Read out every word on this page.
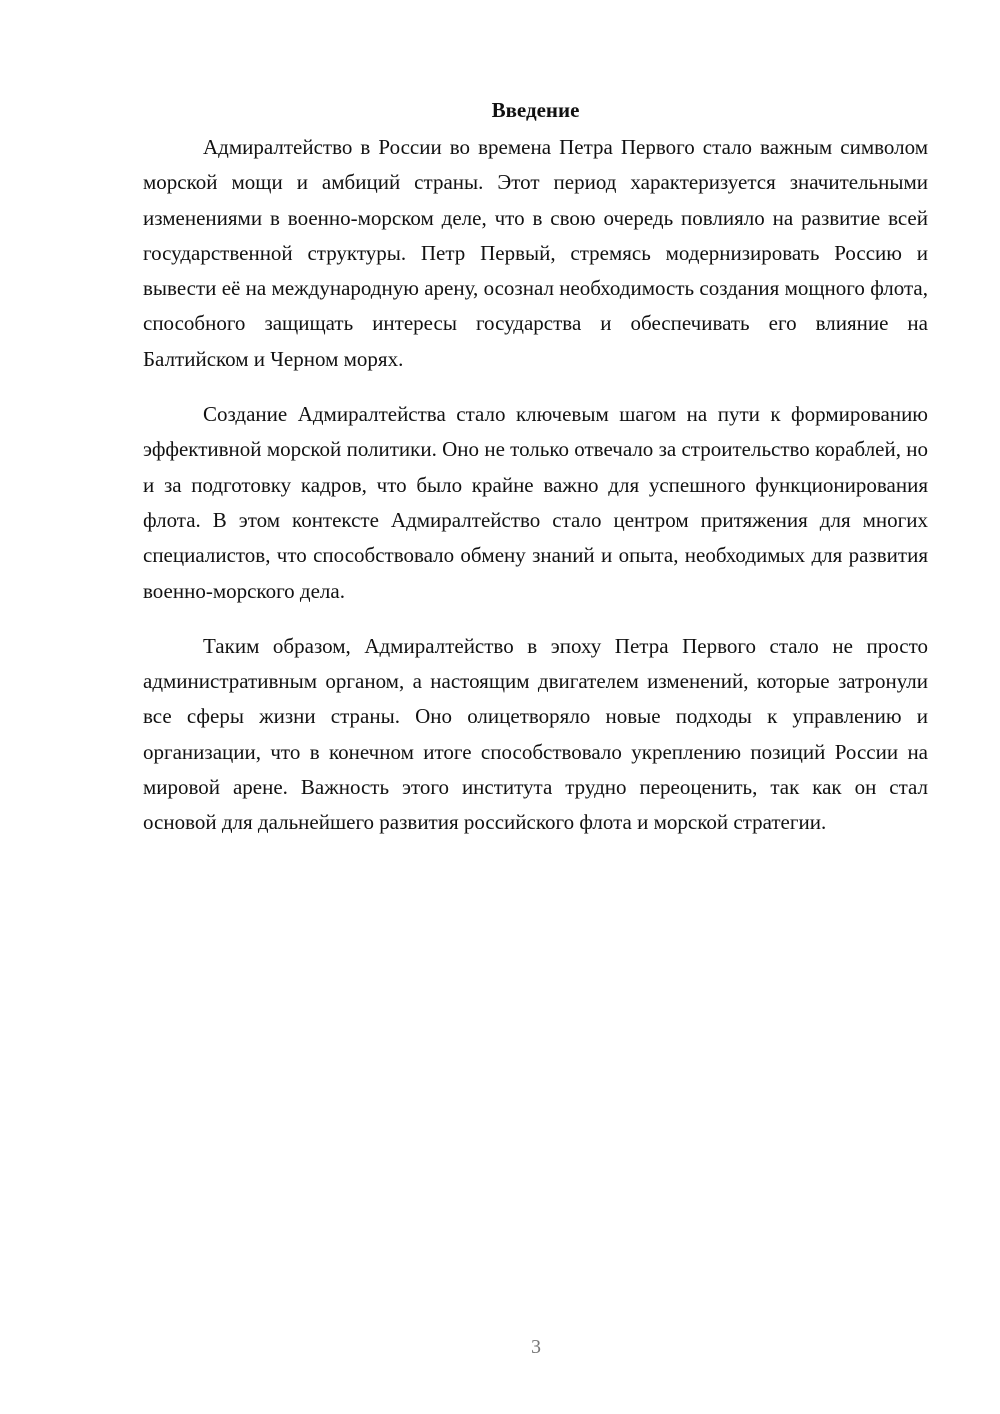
Введение

Адмиралтейство в России во времена Петра Первого стало важным символом морской мощи и амбиций страны. Этот период характеризуется значительными изменениями в военно-морском деле, что в свою очередь повлияло на развитие всей государственной структуры. Петр Первый, стремясь модернизировать Россию и вывести её на международную арену, осознал необходимость создания мощного флота, способного защищать интересы государства и обеспечивать его влияние на Балтийском и Черном морях.

Создание Адмиралтейства стало ключевым шагом на пути к формированию эффективной морской политики. Оно не только отвечало за строительство кораблей, но и за подготовку кадров, что было крайне важно для успешного функционирования флота. В этом контексте Адмиралтейство стало центром притяжения для многих специалистов, что способствовало обмену знаний и опыта, необходимых для развития военно-морского дела.

Таким образом, Адмиралтейство в эпоху Петра Первого стало не просто административным органом, а настоящим двигателем изменений, которые затронули все сферы жизни страны. Оно олицетворяло новые подходы к управлению и организации, что в конечном итоге способствовало укреплению позиций России на мировой арене. Важность этого института трудно переоценить, так как он стал основой для дальнейшего развития российского флота и морской стратегии.

3
